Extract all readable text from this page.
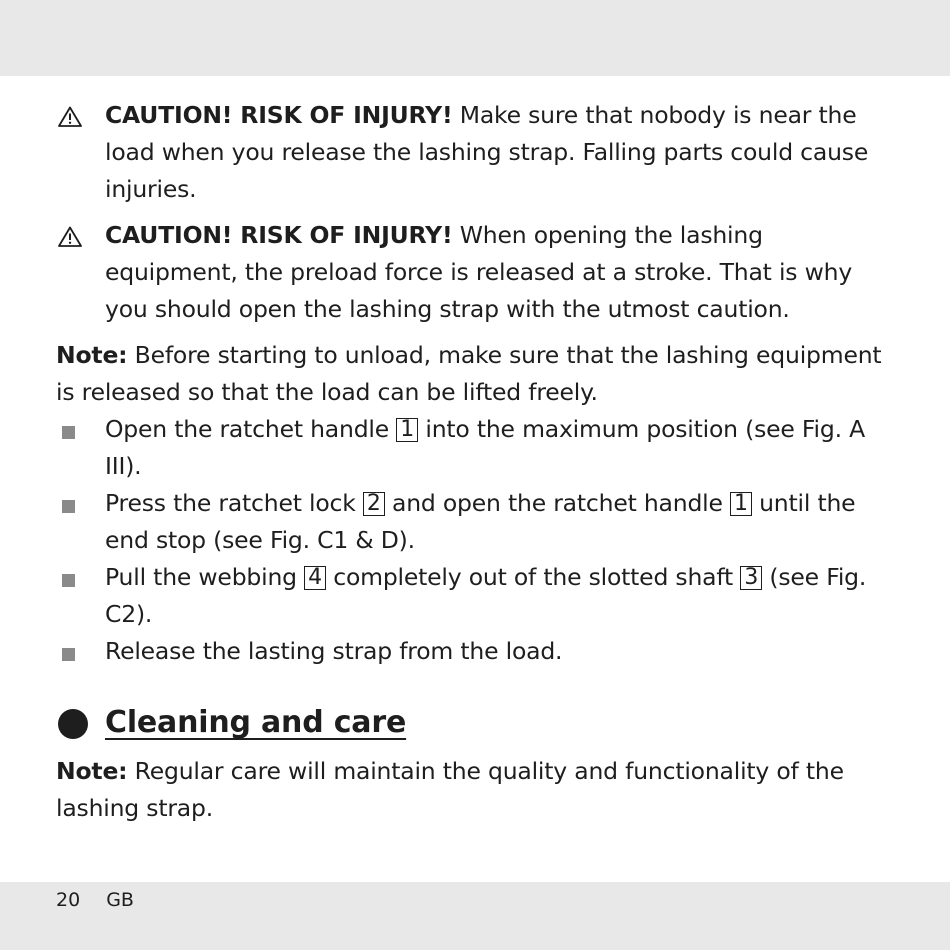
CAUTION! RISK OF INJURY! Make sure that nobody is near the load when you release the lashing strap. Falling parts could cause injuries.
CAUTION! RISK OF INJURY! When opening the lashing equipment, the preload force is released at a stroke. That is why you should open the lashing strap with the utmost caution.
Note: Before starting to unload, make sure that the lashing equipment is released so that the load can be lifted freely.
Open the ratchet handle 1 into the maximum position (see Fig. A III).
Press the ratchet lock 2 and open the ratchet handle 1 until the end stop (see Fig. C1 & D).
Pull the webbing 4 completely out of the slotted shaft 3 (see Fig. C2).
Release the lasting strap from the load.
Cleaning and care
Note: Regular care will maintain the quality and functionality of the lashing strap.
20 GB
